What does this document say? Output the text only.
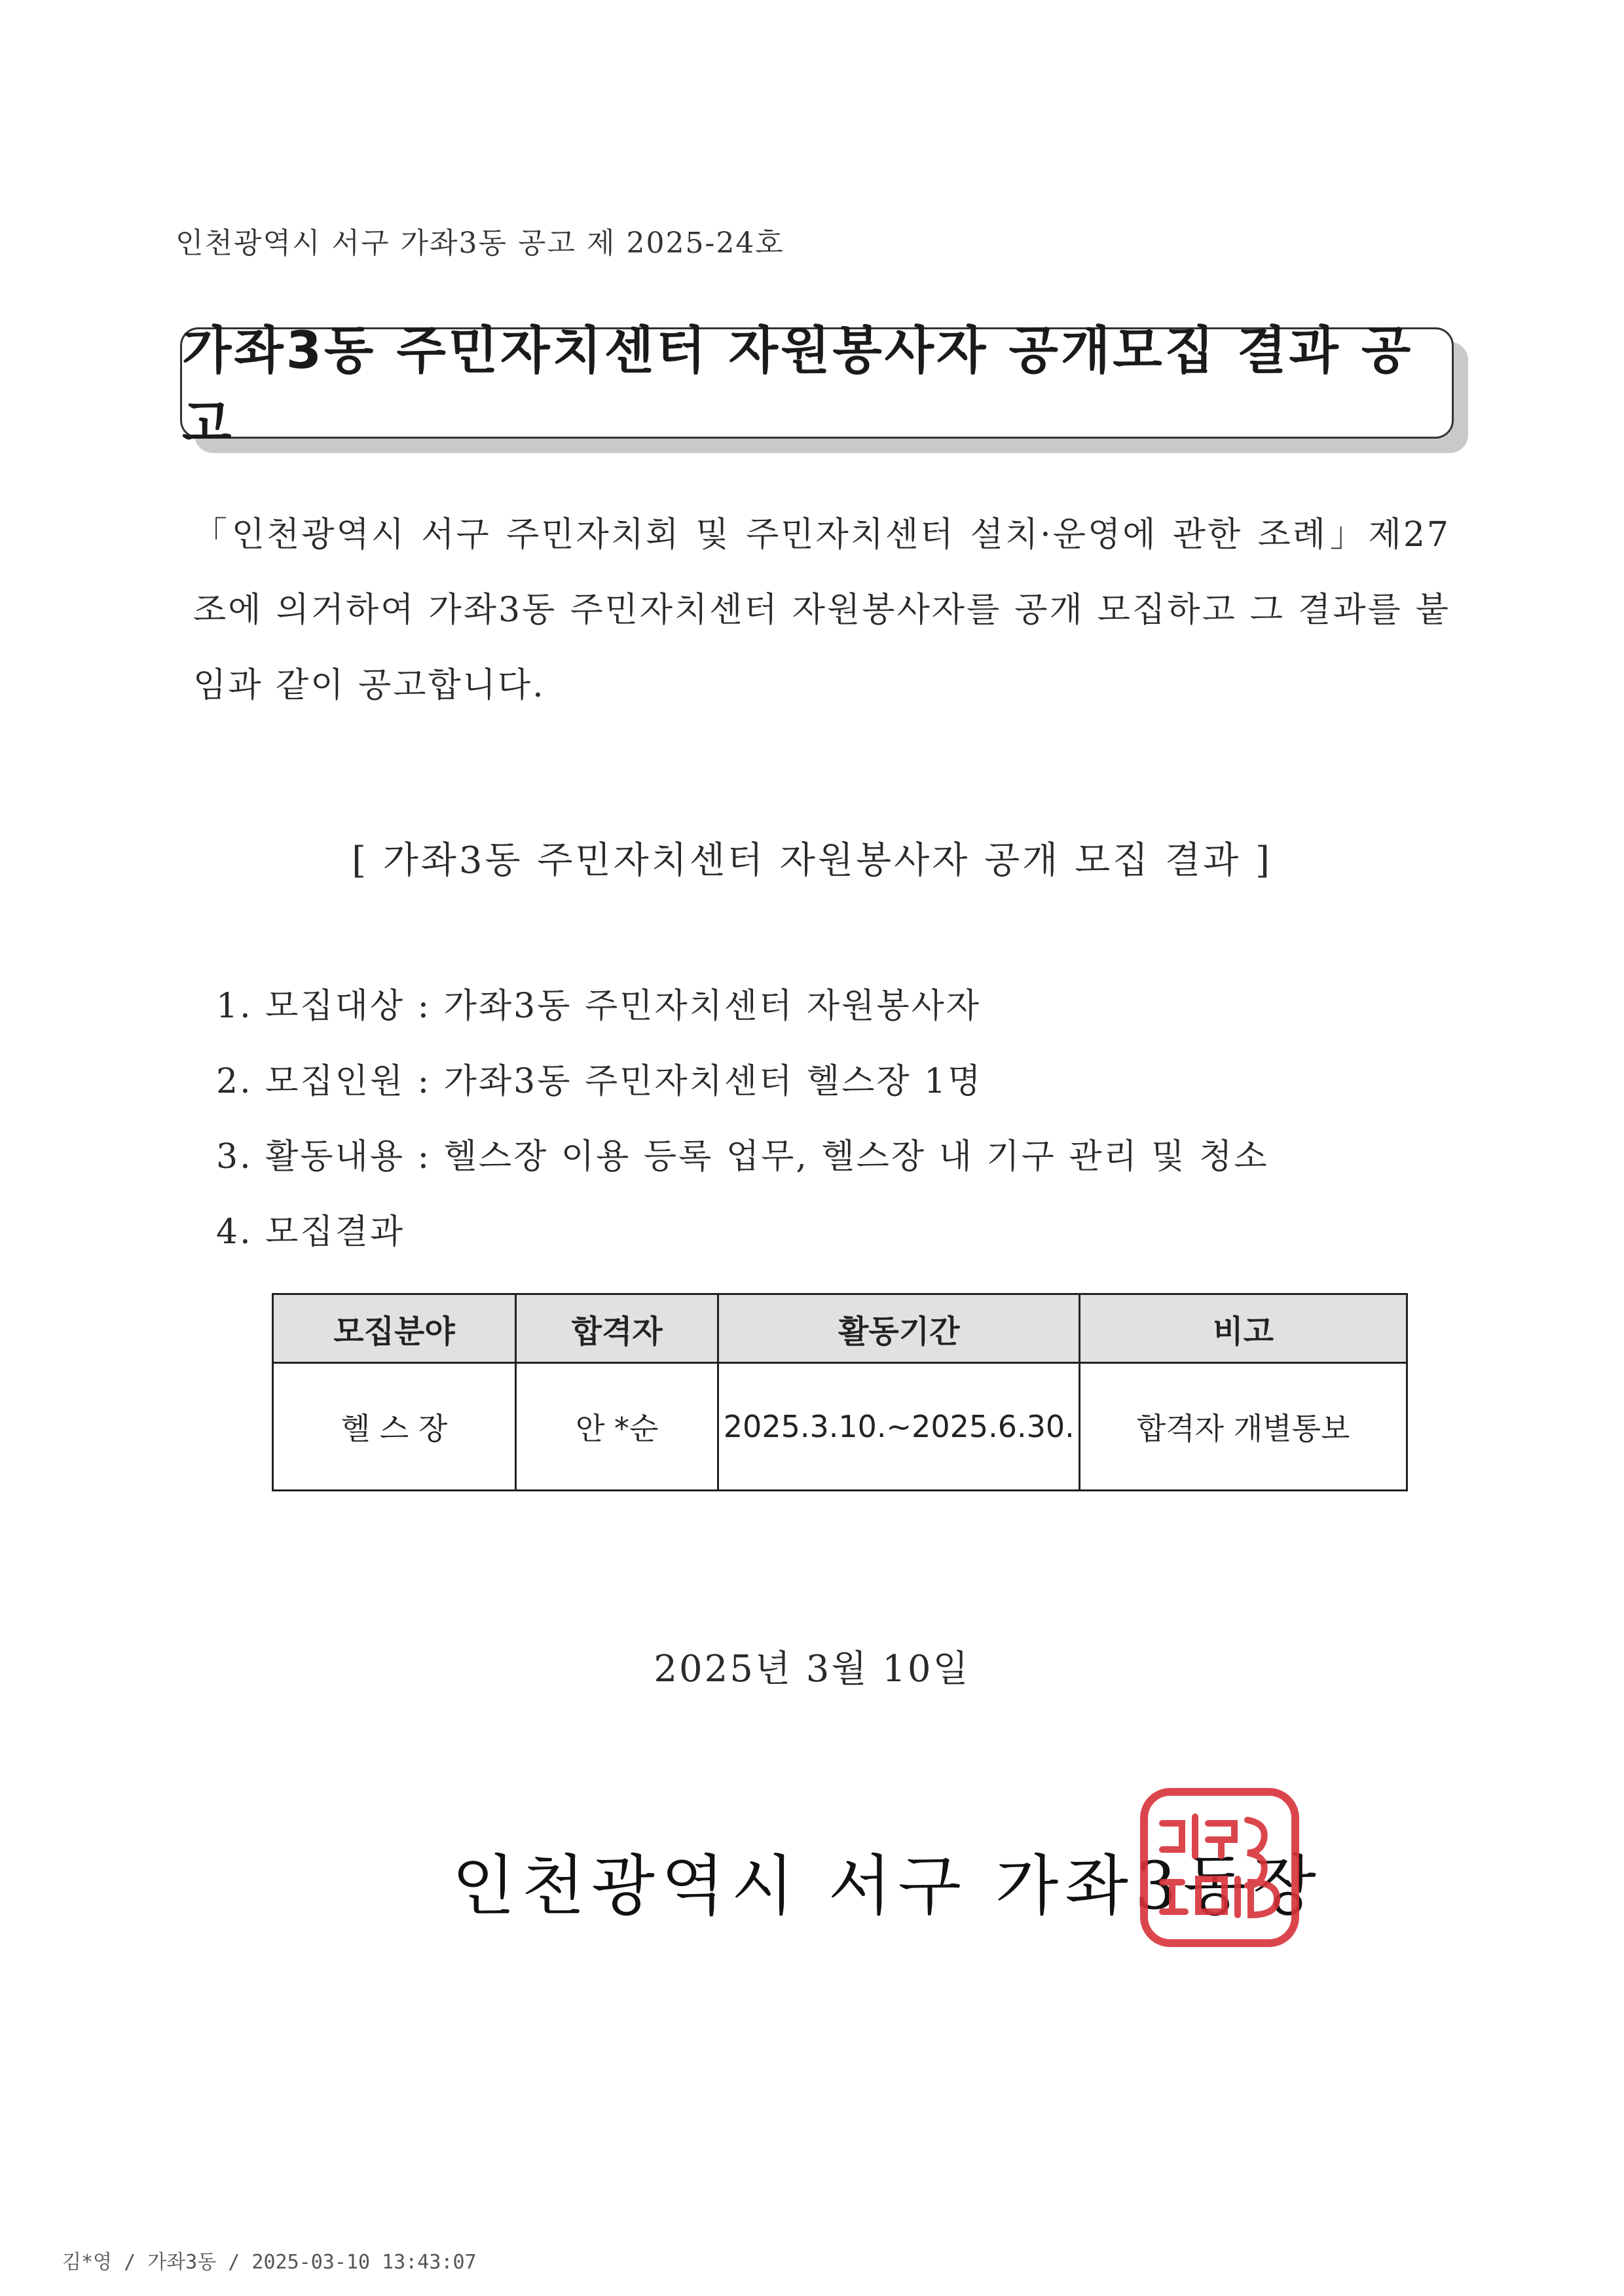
인천광역시 서구 가좌3동 공고 제 2025-24호
가좌3동 주민자치센터 자원봉사자 공개모집 결과 공고
「인천광역시 서구 주민자치회 및 주민자치센터 설치·운영에 관한 조례」제27조에 의거하여 가좌3동 주민자치센터 자원봉사자를 공개 모집하고 그 결과를 붙임과 같이 공고합니다.
[ 가좌3동 주민자치센터 자원봉사자 공개 모집 결과 ]
1. 모집대상 : 가좌3동 주민자치센터 자원봉사자
2. 모집인원 : 가좌3동 주민자치센터 헬스장 1명
3. 활동내용 : 헬스장 이용 등록 업무, 헬스장 내 기구 관리 및 청소
4. 모집결과
모집분야	합격자	활동기간	비고
헬 스 장	안 *순	2025.3.10.~2025.6.30.	합격자 개별통보
2025년 3월 10일
인천광역시 서구 가좌3동장
김*영 / 가좌3동 / 2025-03-10 13:43:07
